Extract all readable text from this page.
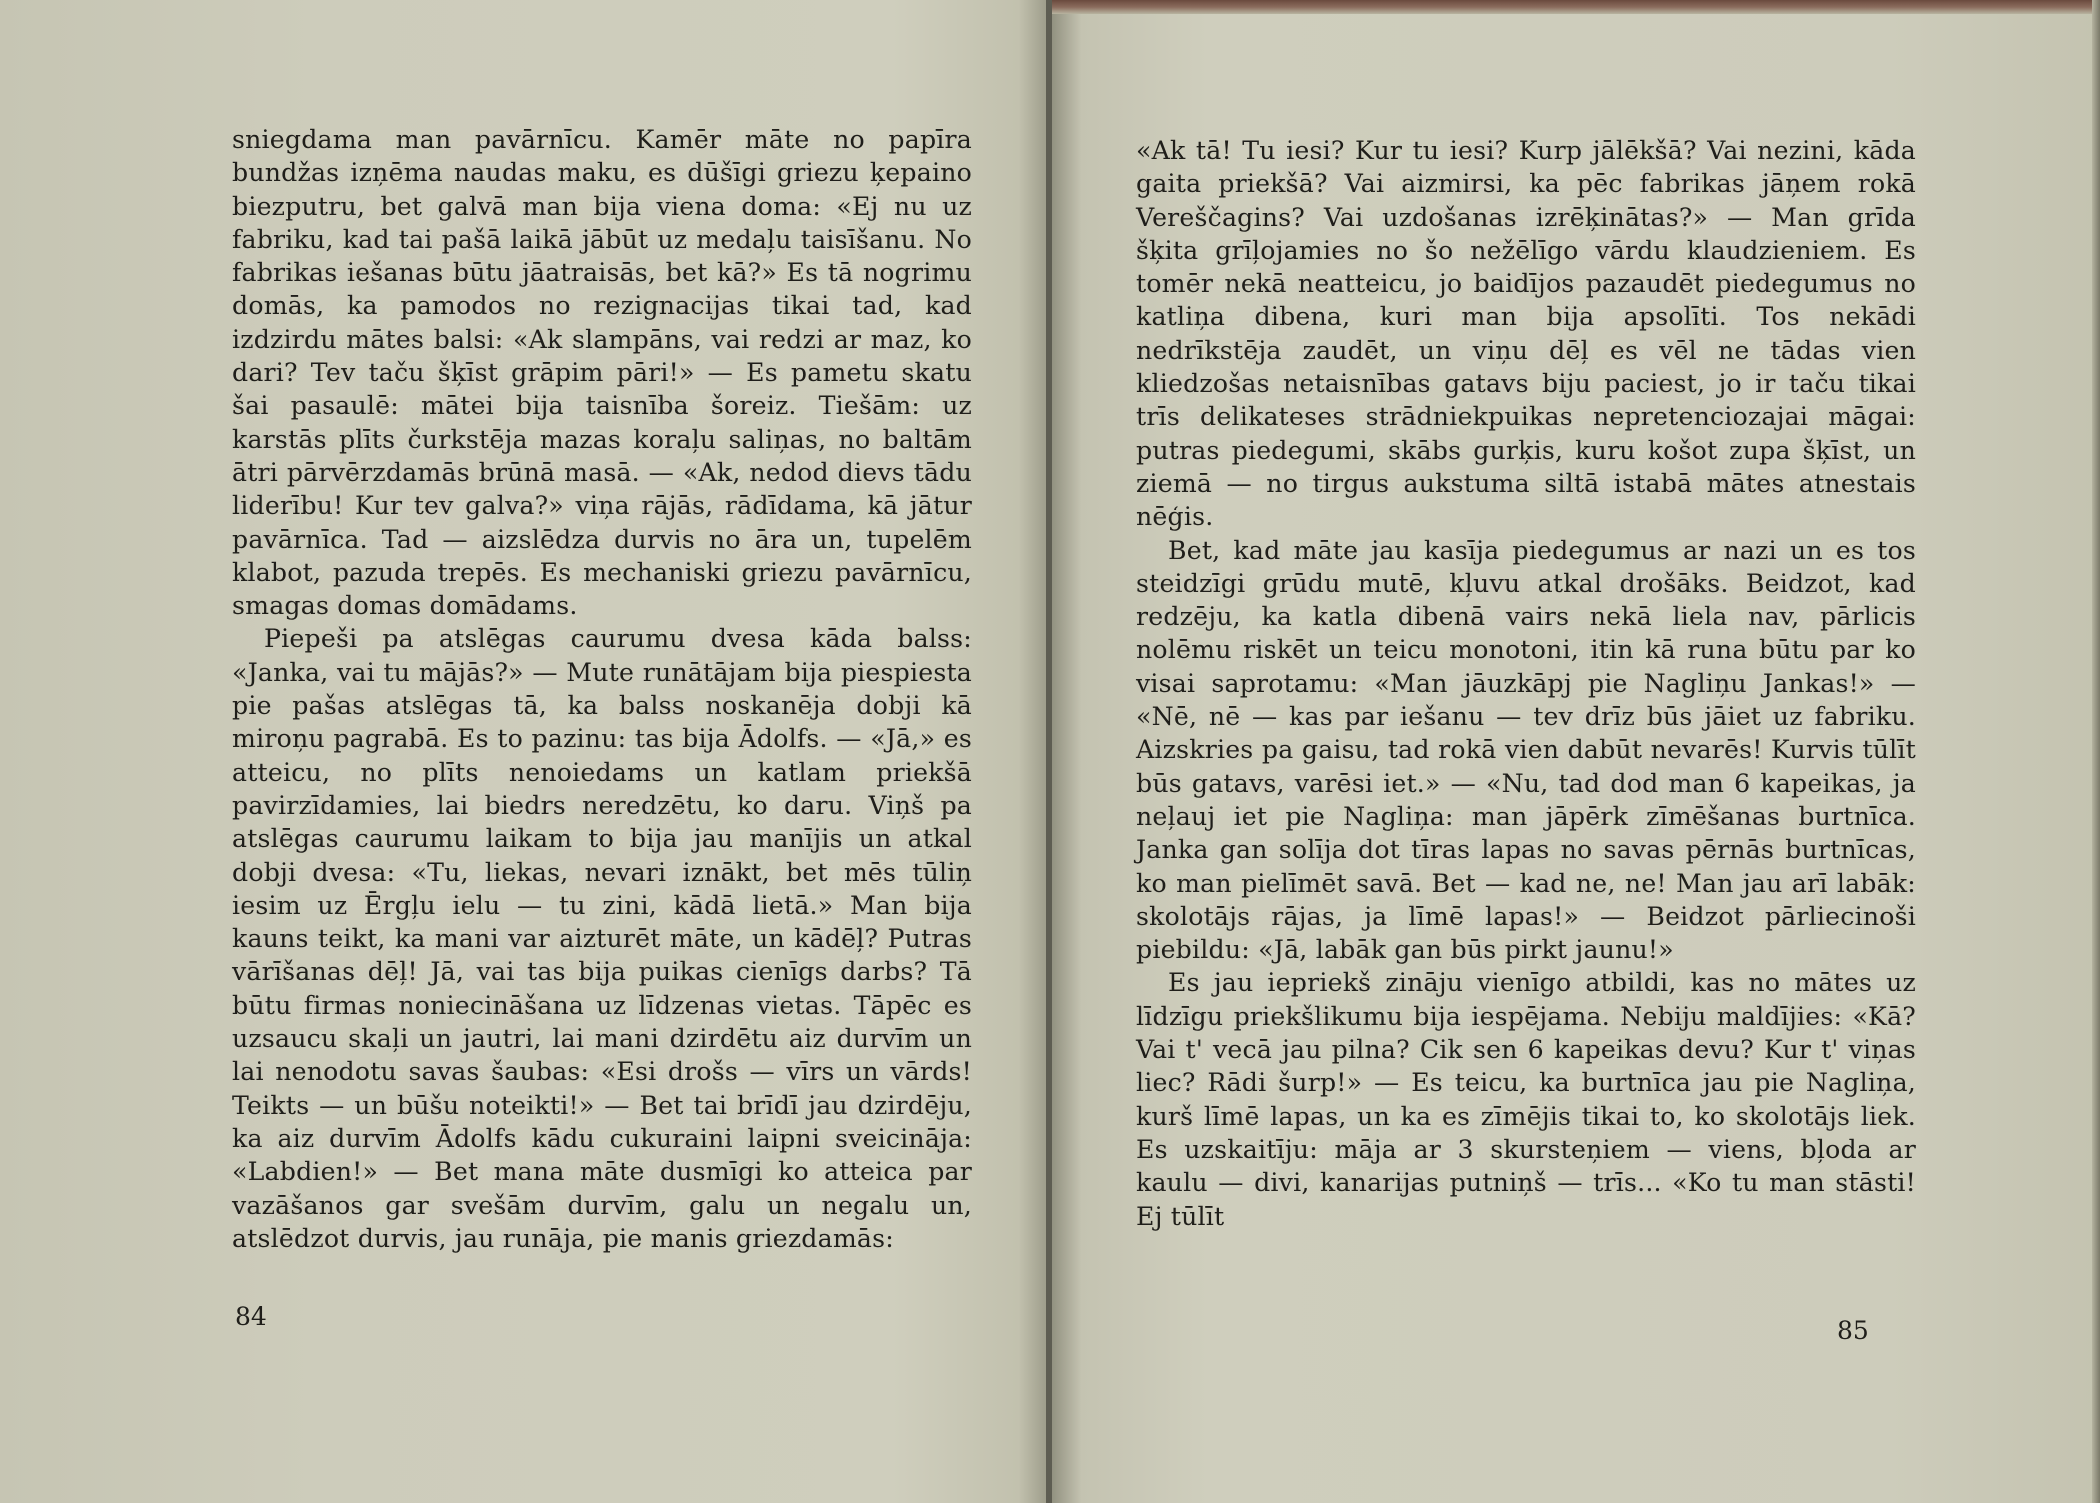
sniegdama man pavārnīcu. Kamēr māte no papīra bundžas izņēma naudas maku, es dūšīgi griezu ķepaino biezputru, bet galvā man bija viena doma: «Ej nu uz fabriku, kad tai pašā laikā jābūt uz medaļu taisīšanu. No fabrikas iešanas būtu jāatraisās, bet kā?» Es tā nogrimu domās, ka pamodos no rezignacijas tikai tad, kad izdzirdu mātes balsi: «Ak slampāns, vai redzi ar maz, ko dari? Tev taču šķīst grāpim pāri!» — Es pametu skatu šai pasaulē: mātei bija taisnība šoreiz. Tiešām: uz karstās plīts čurkstēja mazas koraļu saliņas, no baltām ātri pārvērzdamās brūnā masā. — «Ak, nedod dievs tādu liderību! Kur tev galva?» viņa rājās, rādīdama, kā jātur pavārnīca. Tad — aizslēdza durvis no āra un, tupelēm klabot, pazuda trepēs. Es mechaniski griezu pavārnīcu, smagas domas domādams.

Piepeši pa atslēgas caurumu dvesa kāda balss: «Janka, vai tu mājās?» — Mute runātājam bija piespiesta pie pašas atslēgas tā, ka balss noskanēja dobji kā miroņu pagrabā. Es to pazinu: tas bija Ādolfs. — «Jā,» es atteicu, no plīts nenoiedams un katlam priekšā pavirzīdamies, lai biedrs neredzētu, ko daru. Viņš pa atslēgas caurumu laikam to bija jau manījis un atkal dobji dvesa: «Tu, liekas, nevari iznākt, bet mēs tūliņ iesim uz Ērgļu ielu — tu zini, kādā lietā.» Man bija kauns teikt, ka mani var aizturēt māte, un kādēļ? Putras vārīšanas dēļ! Jā, vai tas bija puikas cienīgs darbs? Tā būtu firmas noniecināšana uz līdzenas vietas. Tāpēc es uzsaucu skaļi un jautri, lai mani dzirdētu aiz durvīm un lai nenodotu savas šaubas: «Esi drošs — vīrs un vārds! Teikts — un būšu noteikti!» — Bet tai brīdī jau dzirdēju, ka aiz durvīm Ādolfs kādu cukuraini laipni sveicināja: «Labdien!» — Bet mana māte dusmīgi ko atteica par vazāšanos gar svešām durvīm, galu un negalu un, atslēdzot durvis, jau runāja, pie manis griezdamās:

84

«Ak tā! Tu iesi? Kur tu iesi? Kurp jālēkšā? Vai nezini, kāda gaita priekšā? Vai aizmirsi, ka pēc fabrikas jāņem rokā Vereščagins? Vai uzdošanas izrēķinātas?» — Man grīda šķita grīļojamies no šo nežēlīgo vārdu klaudzieniem. Es tomēr nekā neatteicu, jo baidījos pazaudēt piedegumus no katliņa dibena, kuri man bija apsolīti. Tos nekādi nedrīkstēja zaudēt, un viņu dēļ es vēl ne tādas vien kliedzošas netaisnības gatavs biju paciest, jo ir taču tikai trīs delikateses strādniekpuikas nepretenciozajai māgai: putras piedegumi, skābs gurķis, kuru košot zupa šķīst, un ziemā — no tirgus aukstuma siltā istabā mātes atnestais nēģis.

Bet, kad māte jau kasīja piedegumus ar nazi un es tos steidzīgi grūdu mutē, kļuvu atkal drošāks. Beidzot, kad redzēju, ka katla dibenā vairs nekā liela nav, pārlicis nolēmu riskēt un teicu monotoni, itin kā runa būtu par ko visai saprotamu: «Man jāuzkāpj pie Nagliņu Jankas!» — «Nē, nē — kas par iešanu — tev drīz būs jāiet uz fabriku. Aizskries pa gaisu, tad rokā vien dabūt nevarēs! Kurvis tūlīt būs gatavs, varēsi iet.» — «Nu, tad dod man 6 kapeikas, ja neļauj iet pie Nagliņa: man jāpērk zīmēšanas burtnīca. Janka gan solīja dot tīras lapas no savas pērnās burtnīcas, ko man pielīmēt savā. Bet — kad ne, ne! Man jau arī labāk: skolotājs rājas, ja līmē lapas!» — Beidzot pārliecinoši piebildu: «Jā, labāk gan būs pirkt jaunu!»

Es jau iepriekš zināju vienīgo atbildi, kas no mātes uz līdzīgu priekšlikumu bija iespējama. Nebiju maldījies: «Kā? Vai t' vecā jau pilna? Cik sen 6 kapeikas devu? Kur t' viņas liec? Rādi šurp!» — Es teicu, ka burtnīca jau pie Nagliņa, kurš līmē lapas, un ka es zīmējis tikai to, ko skolotājs liek. Es uzskaitīju: māja ar 3 skursteņiem — viens, bļoda ar kaulu — divi, kanarijas putniņš — trīs... «Ko tu man stāsti! Ej tūlīt

85
